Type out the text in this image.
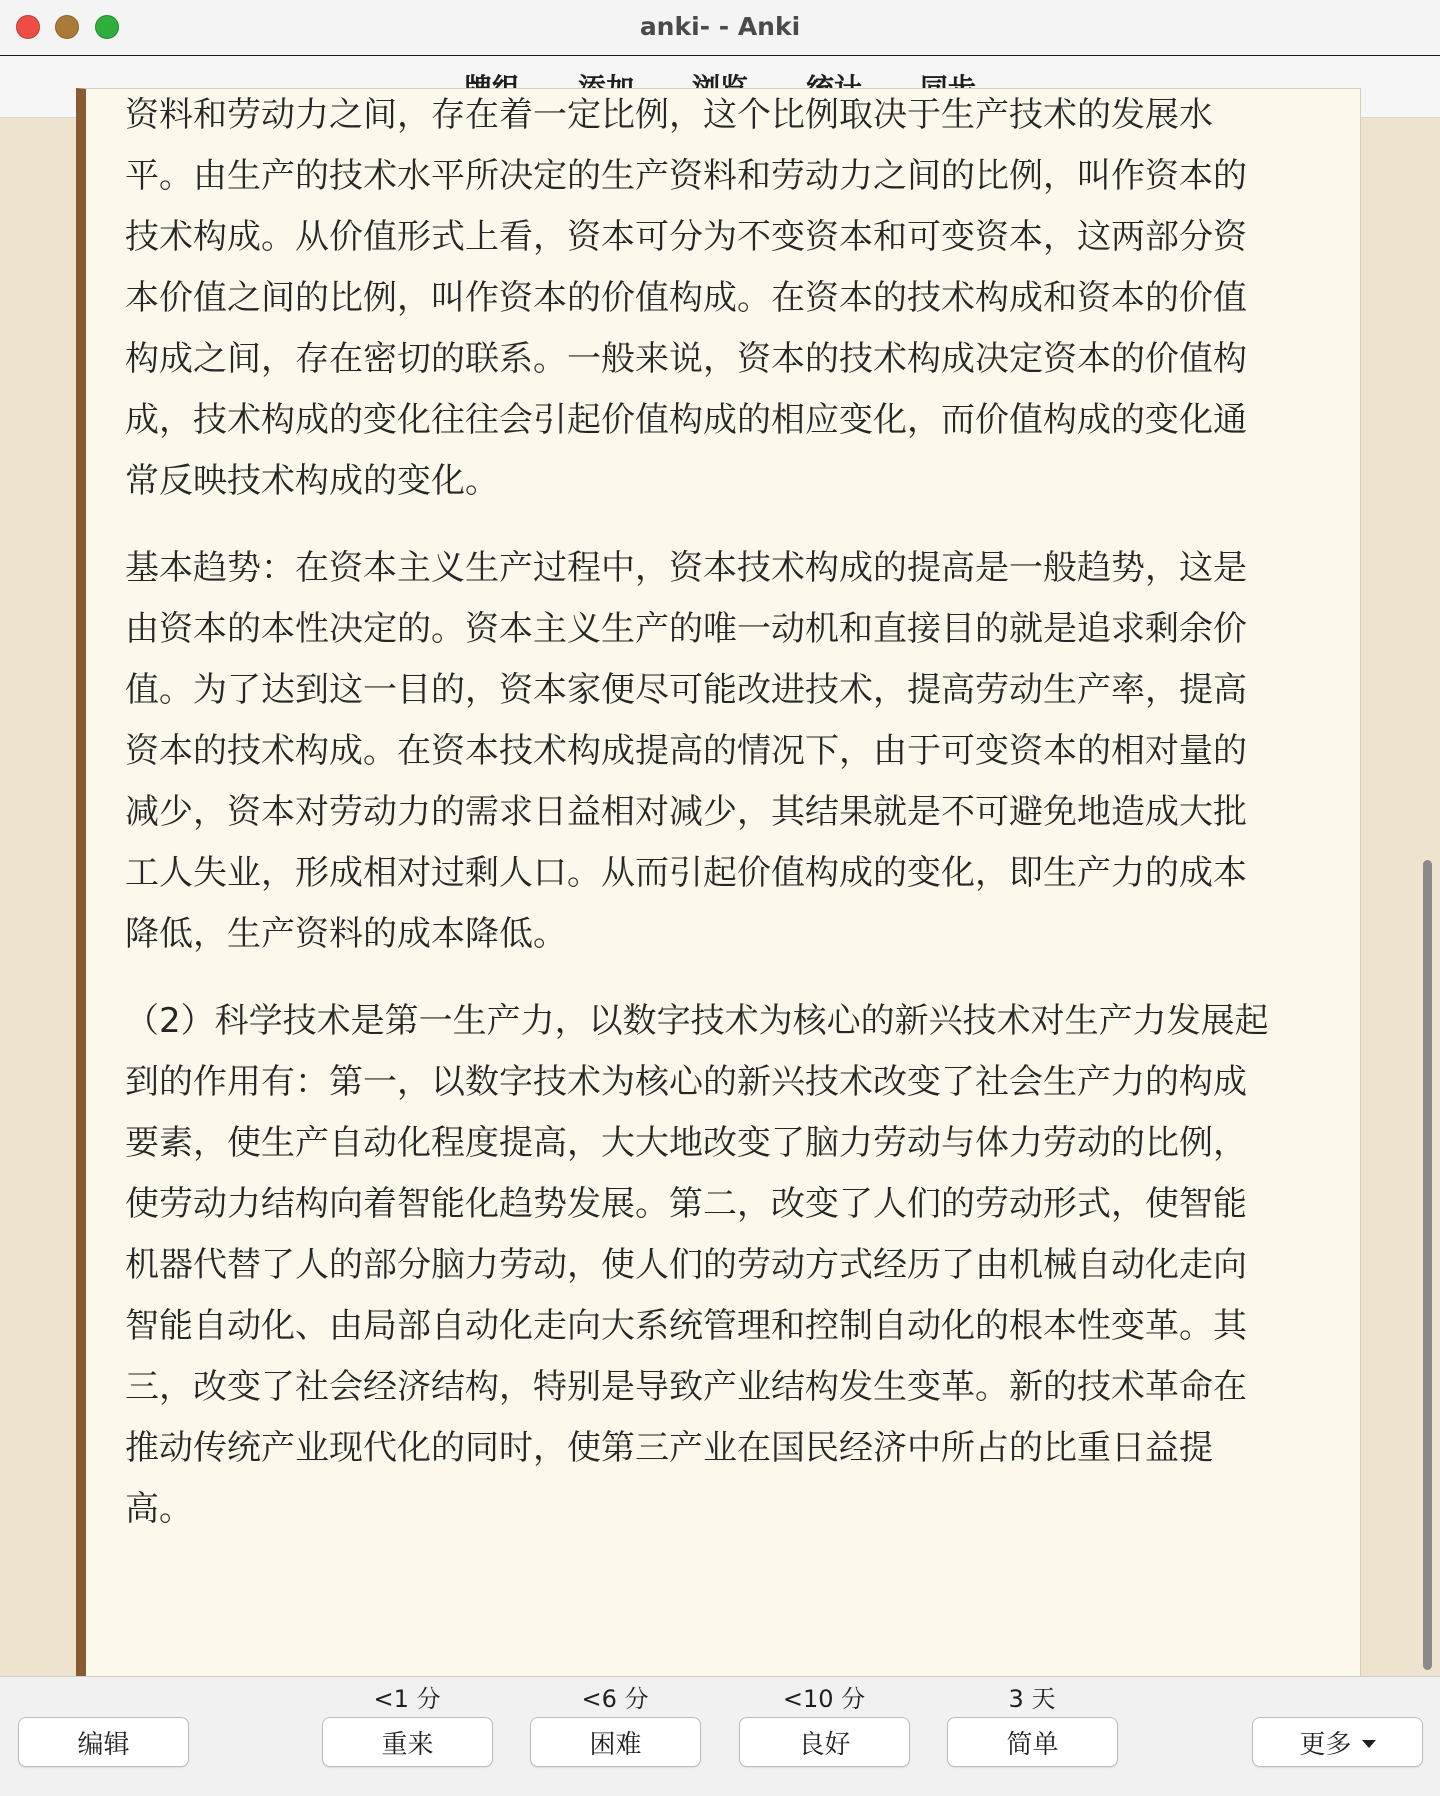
anki- - Anki
资料和劳动力之间，存在着一定比例，这个比例取决于生产技术的发展水
平。由生产的技术水平所决定的生产资料和劳动力之间的比例，叫作资本的
技术构成。从价值形式上看，资本可分为不变资本和可变资本，这两部分资
本价值之间的比例，叫作资本的价值构成。在资本的技术构成和资本的价值
构成之间，存在密切的联系。一般来说，资本的技术构成决定资本的价值构
成，技术构成的变化往往会引起价值构成的相应变化，而价值构成的变化通
常反映技术构成的变化。
基本趋势：在资本主义生产过程中，资本技术构成的提高是一般趋势，这是
由资本的本性决定的。资本主义生产的唯一动机和直接目的就是追求剩余价
值。为了达到这一目的，资本家便尽可能改进技术，提高劳动生产率，提高
资本的技术构成。在资本技术构成提高的情况下，由于可变资本的相对量的
减少，资本对劳动力的需求日益相对减少，其结果就是不可避免地造成大批
工人失业，形成相对过剩人口。从而引起价值构成的变化，即生产力的成本
降低，生产资料的成本降低。
（2）科学技术是第一生产力，以数字技术为核心的新兴技术对生产力发展起
到的作用有：第一，以数字技术为核心的新兴技术改变了社会生产力的构成
要素，使生产自动化程度提高，大大地改变了脑力劳动与体力劳动的比例，
使劳动力结构向着智能化趋势发展。第二，改变了人们的劳动形式，使智能
机器代替了人的部分脑力劳动，使人们的劳动方式经历了由机械自动化走向
智能自动化、由局部自动化走向大系统管理和控制自动化的根本性变革。其
三，改变了社会经济结构，特别是导致产业结构发生变革。新的技术革命在
推动传统产业现代化的同时，使第三产业在国民经济中所占的比重日益提
高。
编辑
<1 分
重来
<6 分
困难
<10 分
良好
3 天
简单	更多
